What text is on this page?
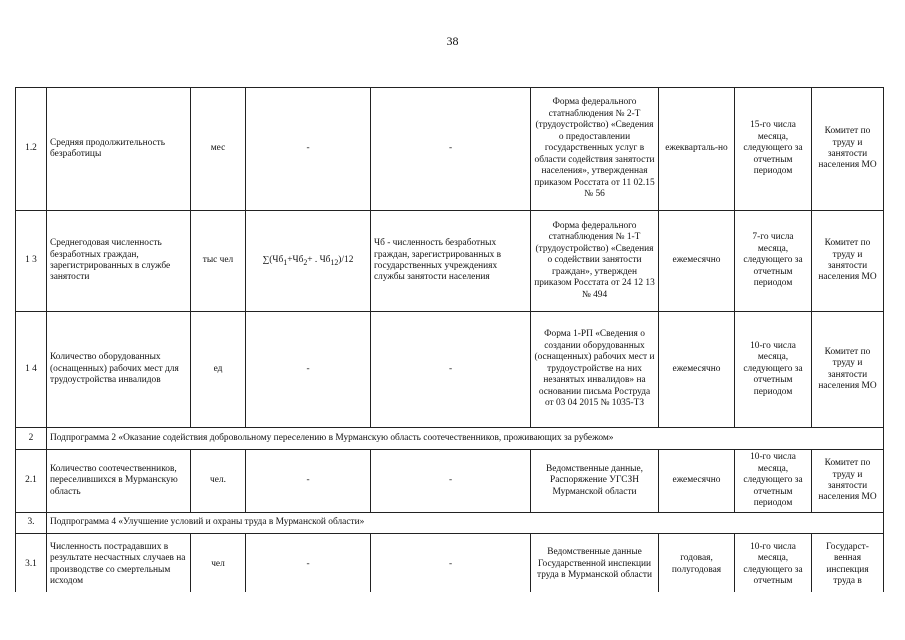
38
1.2	Средняя продолжительность безработицы	мес	-	-	Форма федерального статнаблюдения № 2-Т (трудоустройство) «Сведения о предоставлении государственных услуг в области содействия занятости населения», утвержденная приказом Росстата от 11 02.15 № 56	ежекварталь-но	15-го числа месяца, следующего за отчетным периодом	Комитет по труду и занятости населения МО
1 3	Среднегодовая численность безработных граждан, зарегистрированных в службе занятости	тыс чел	$\sum(Чб_1+Чб_2+$ . $Чб_{12})/12$	Чб - численность безработных граждан, зарегистрированных в государственных учреждениях службы занятости населения	Форма федерального статнаблюдения № 1-Т (трудоустройство) «Сведения о содействии занятости граждан», утвержден приказом Росстата от 24 12 13 № 494	ежемесячно	7-го числа месяца, следующего за отчетным периодом	Комитет по труду и занятости населения МО
1 4	Количество оборудованных (оснащенных) рабочих мест для трудоустройства инвалидов	ед	-	-	Форма 1-РП «Сведения о создании оборудованных (оснащенных) рабочих мест и трудоустройстве на них незанятых инвалидов» на основании письма Роструда от 03 04 2015 № 1035-ТЗ	ежемесячно	10-го числа месяца, следующего за отчетным периодом	Комитет по труду и занятости населения МО
2	Подпрограмма 2 «Оказание содействия добровольному переселению в Мурманскую область соотечественников, проживающих за рубежом»							
2.1	Количество соотечественников, переселившихся в Мурманскую область	чел.	-	-	Ведомственные данные, Распоряжение УГСЗН Мурманской области	ежемесячно	10-го числа месяца, следующего за отчетным периодом	Комитет по труду и занятости населения МО
3.	Подпрограмма 4 «Улучшение условий и охраны труда в Мурманской области»							
3.1	Численность пострадавших в результате несчастных случаев на производстве со смертельным исходом	чел	-	-	Ведомственные данные Государственной инспекции труда в Мурманской области	годовая, полугодовая	10-го числа месяца, следующего за отчетным	Государст-венная инспекция труда в
